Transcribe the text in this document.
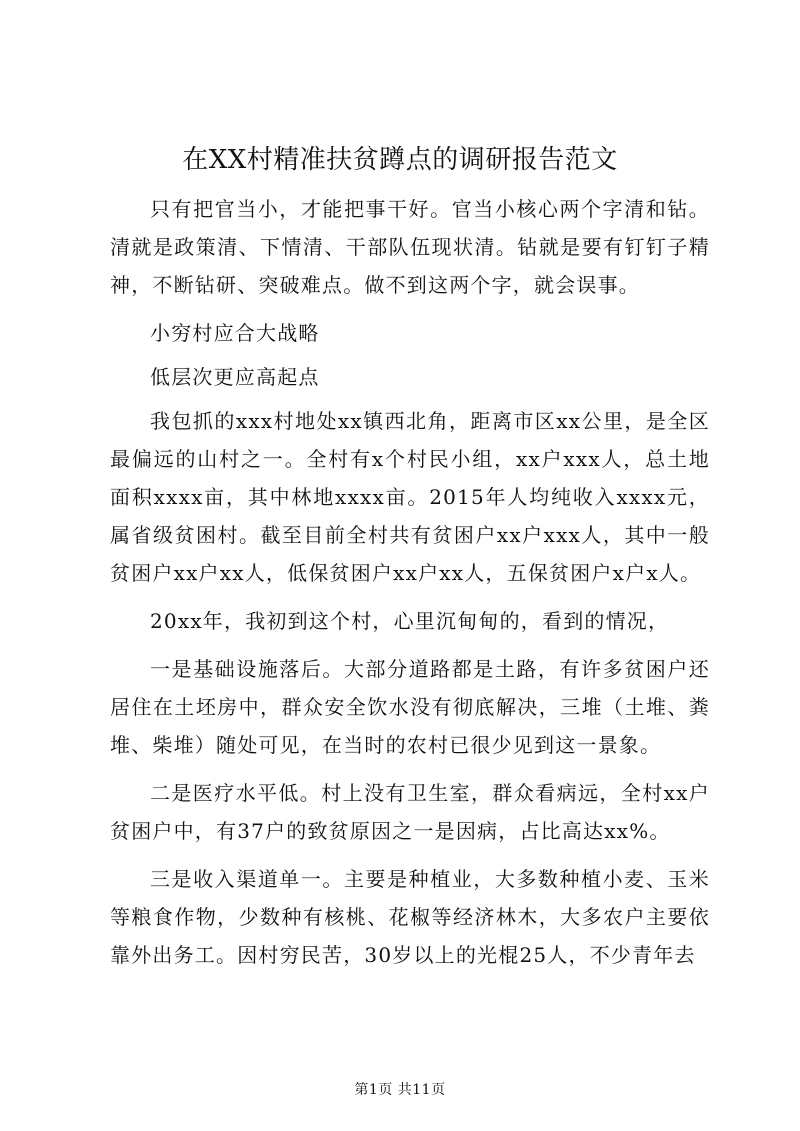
在XX村精准扶贫蹲点的调研报告范文

只有把官当小，才能把事干好。官当小核心两个字清和钻。清就是政策清、下情清、干部队伍现状清。钻就是要有钉钉子精神，不断钻研、突破难点。做不到这两个字，就会误事。

小穷村应合大战略

低层次更应高起点

我包抓的xxx村地处xx镇西北角，距离市区xx公里，是全区最偏远的山村之一。全村有x个村民小组，xx户xxx人，总土地面积xxxx亩，其中林地xxxx亩。2015年人均纯收入xxxx元，属省级贫困村。截至目前全村共有贫困户xx户xxx人，其中一般贫困户xx户xx人，低保贫困户xx户xx人，五保贫困户x户x人。

20xx年，我初到这个村，心里沉甸甸的，看到的情况，

一是基础设施落后。大部分道路都是土路，有许多贫困户还居住在土坯房中，群众安全饮水没有彻底解决，三堆（土堆、粪堆、柴堆）随处可见，在当时的农村已很少见到这一景象。

二是医疗水平低。村上没有卫生室，群众看病远，全村xx户贫困户中，有37户的致贫原因之一是因病，占比高达xx%。

三是收入渠道单一。主要是种植业，大多数种植小麦、玉米等粮食作物，少数种有核桃、花椒等经济林木，大多农户主要依靠外出务工。因村穷民苦，30岁以上的光棍25人，不少青年去

第1页 共11页
